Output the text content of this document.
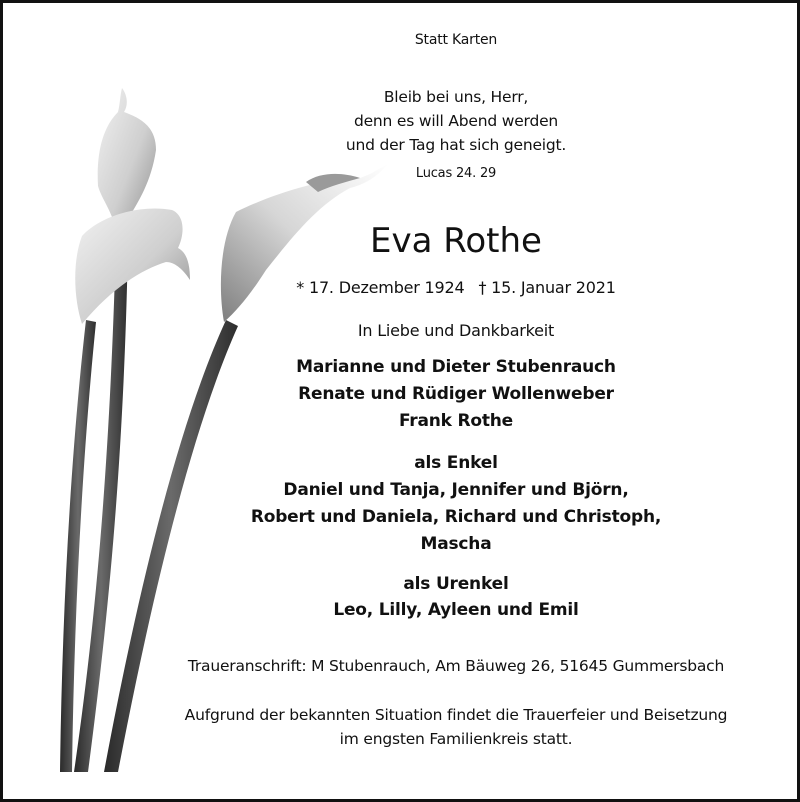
Statt Karten
Bleib bei uns, Herr,
denn es will Abend werden
und der Tag hat sich geneigt.
Lucas 24. 29
Eva Rothe
* 17. Dezember 1924 † 15. Januar 2021
In Liebe und Dankbarkeit
Marianne und Dieter Stubenrauch
Renate und Rüdiger Wollenweber
Frank Rothe
als Enkel
Daniel und Tanja, Jennifer und Björn,
Robert und Daniela, Richard und Christoph,
Mascha
als Urenkel
Leo, Lilly, Ayleen und Emil
Traueranschrift: M Stubenrauch, Am Bäuweg 26, 51645 Gummersbach
Aufgrund der bekannten Situation findet die Trauerfeier und Beisetzung
im engsten Familienkreis statt.
